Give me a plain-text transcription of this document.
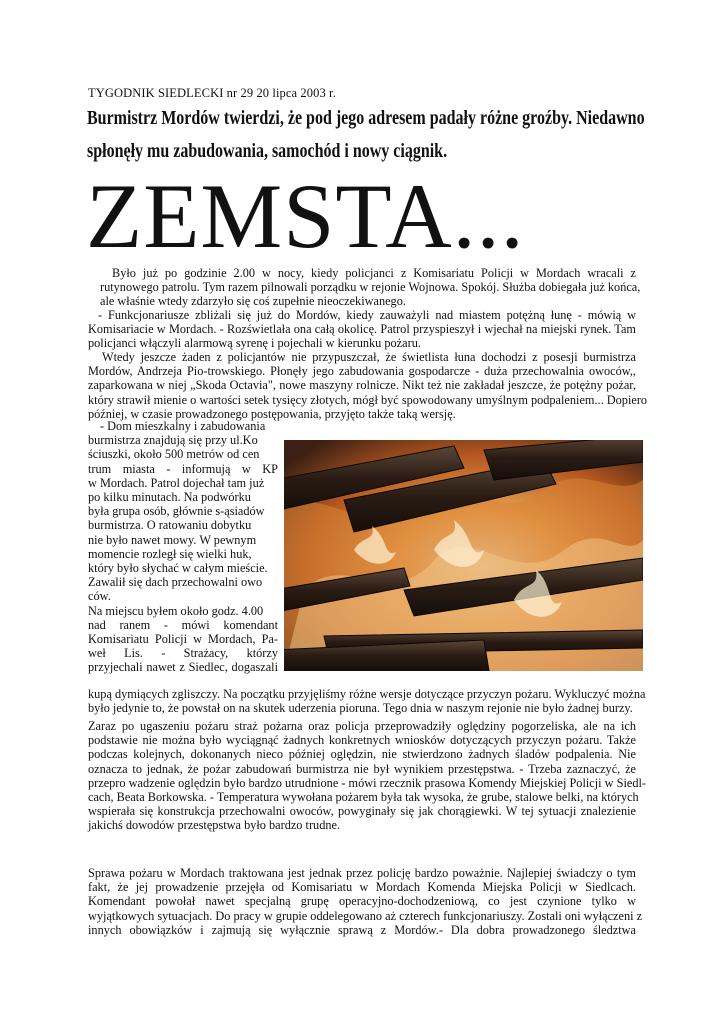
TYGODNIK SIEDLECKI nr 29 20 lipca 2003 r.
Burmistrz Mordów twierdzi, że pod jego adresem padały różne groźby. Niedawno
spłonęły mu zabudowania, samochód i nowy ciągnik.
ZEMSTA...
Było już po godzinie 2.00 w nocy, kiedy policjanci z Komisariatu Policji w Mordach wracali z
rutynowego patrolu. Tym razem pilnowali porządku w rejonie Wojnowa. Spokój. Służba dobiegała już końca,
ale właśnie wtedy zdarzyło się coś zupełnie nieoczekiwanego.
- Funkcjonariusze zbliżali się już do Mordów, kiedy zauważyli nad miastem potężną łunę - mówią w
Komisariacie w Mordach. - Rozświetlała ona całą okolicę. Patrol przyspieszył i wjechał na miejski rynek. Tam
policjanci włączyli alarmową syrenę i pojechali w kierunku pożaru.
Wtedy jeszcze żaden z policjantów nie przypuszczał, że świetlista łuna dochodzi z posesji burmistrza
Mordów, Andrzeja Pio-trowskiego. Płonęły jego zabudowania gospodarcze - duża przechowalnia owoców,,
zaparkowana w niej „Skoda Octavia", nowe maszyny rolnicze. Nikt też nie zakładał jeszcze, że potężny pożar,
który strawił mienie o wartości setek tysięcy złotych, mógł być spowodowany umyślnym podpaleniem... Dopiero
później, w czasie prowadzonego postępowania, przyjęto także taką wersję.
- Dom mieszkalny i zabudowania
burmistrza znajdują się przy ul.Ko
ściuszki, około 500 metrów od cen
trum miasta - informują w KP
w Mordach. Patrol dojechał tam już
po kilku minutach. Na podwórku
była grupa osób, głównie s-ąsiadów
burmistrza. O ratowaniu dobytku
nie było nawet mowy. W pewnym
momencie rozległ się wielki huk,
który było słychać w całym mieście.
Zawalił się dach przechowalni owo
ców.
Na miejscu byłem około godz. 4.00
nad ranem - mówi komendant
Komisariatu Policji w Mordach, Pa-
weł Lis. - Strażacy, którzy
przyjechali nawet z Siedlec, dogaszali
kupą dymiących zgliszczy. Na początku przyjęliśmy różne wersje dotyczące przyczyn pożaru. Wykluczyć można
było jedynie to, że powstał on na skutek uderzenia pioruna. Tego dnia w naszym rejonie nie było żadnej burzy.
Zaraz po ugaszeniu pożaru straż pożarna oraz policja przeprowadziły oględziny pogorzeliska, ale na ich
podstawie nie można było wyciągnąć żadnych konkretnych wniosków dotyczących przyczyn pożaru. Także
podczas kolejnych, dokonanych nieco później oględzin, nie stwierdzono żadnych śladów podpalenia. Nie
oznacza to jednak, że pożar zabudowań burmistrza nie był wynikiem przestępstwa. - Trzeba zaznaczyć, że
przepro wadzenie oględzin było bardzo utrudnione - mówi rzecznik prasowa Komendy Miejskiej Policji w Siedl-
cach, Beata Borkowska. - Temperatura wywołana pożarem była tak wysoka, że grube, stalowe belki, na których
wspierała się konstrukcja przechowalni owoców, powyginały się jak chorągiewki. W tej sytuacji znalezienie
jakichś dowodów przestępstwa było bardzo trudne.
Sprawa pożaru w Mordach traktowana jest jednak przez policję bardzo poważnie. Najlepiej świadczy o tym
fakt, że jej prowadzenie przejęła od Komisariatu w Mordach Komenda Miejska Policji w Siedlcach.
Komendant powołał nawet specjalną grupę operacyjno-dochodzeniową, co jest czynione tylko w
wyjątkowych sytuacjach. Do pracy w grupie oddelegowano aż czterech funkcjonariuszy. Zostali oni wyłączeni z
innych obowiązków i zajmują się wyłącznie sprawą z Mordów.- Dla dobra prowadzonego śledztwa
